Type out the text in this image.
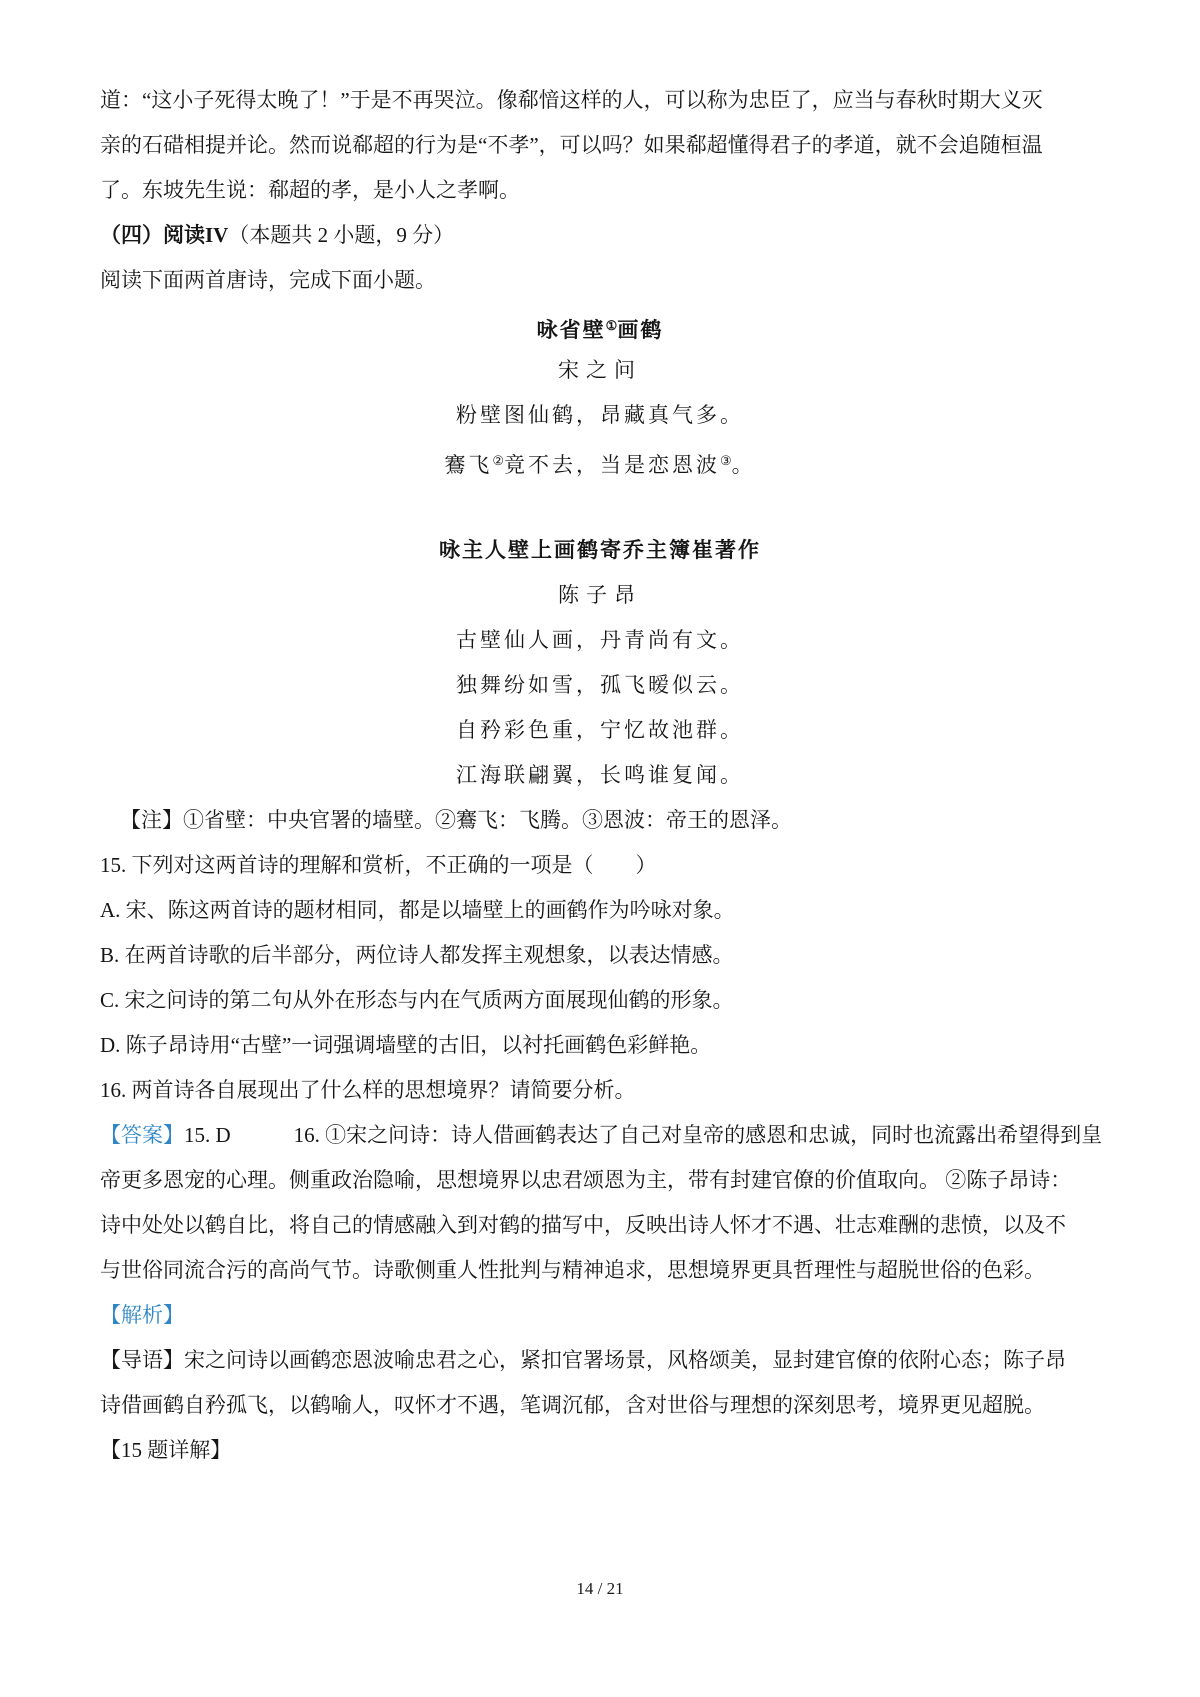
道：“这小子死得太晚了！”于是不再哭泣。像郗愔这样的人，可以称为忠臣了，应当与春秋时期大义灭
亲的石碏相提并论。然而说郗超的行为是“不孝”，可以吗？如果郗超懂得君子的孝道，就不会追随桓温
了。东坡先生说：郗超的孝，是小人之孝啊。
（四）阅读IV（本题共 2 小题，9 分）
阅读下面两首唐诗，完成下面小题。
咏省壁①画鹤
宋之问
粉壁图仙鹤，昂藏真气多。
鶱飞②竟不去，当是恋恩波③。
咏主人壁上画鹤寄乔主簿崔著作
陈子昂
古壁仙人画，丹青尚有文。
独舞纷如雪，孤飞暧似云。
自矜彩色重，宁忆故池群。
江海联翩翼，长鸣谁复闻。
【注】①省壁：中央官署的墙壁。②鶱飞：飞腾。③恩波：帝王的恩泽。
15. 下列对这两首诗的理解和赏析，不正确的一项是（　　）
A. 宋、陈这两首诗的题材相同，都是以墙壁上的画鹤作为吟咏对象。
B. 在两首诗歌的后半部分，两位诗人都发挥主观想象，以表达情感。
C. 宋之问诗的第二句从外在形态与内在气质两方面展现仙鹤的形象。
D. 陈子昂诗用“古壁”一词强调墙壁的古旧，以衬托画鹤色彩鲜艳。
16. 两首诗各自展现出了什么样的思想境界？请简要分析。
【答案】15. D　　　16. ①宋之问诗：诗人借画鹤表达了自己对皇帝的感恩和忠诚，同时也流露出希望得到皇
帝更多恩宠的心理。侧重政治隐喻，思想境界以忠君颂恩为主，带有封建官僚的价值取向。 ②陈子昂诗：
诗中处处以鹤自比，将自己的情感融入到对鹤的描写中，反映出诗人怀才不遇、壮志难酬的悲愤，以及不
与世俗同流合污的高尚气节。诗歌侧重人性批判与精神追求，思想境界更具哲理性与超脱世俗的色彩。
【解析】
【导语】宋之问诗以画鹤恋恩波喻忠君之心，紧扣官署场景，风格颂美，显封建官僚的依附心态；陈子昂
诗借画鹤自矜孤飞，以鹤喻人，叹怀才不遇，笔调沉郁，含对世俗与理想的深刻思考，境界更见超脱。
【15 题详解】
14 / 21
